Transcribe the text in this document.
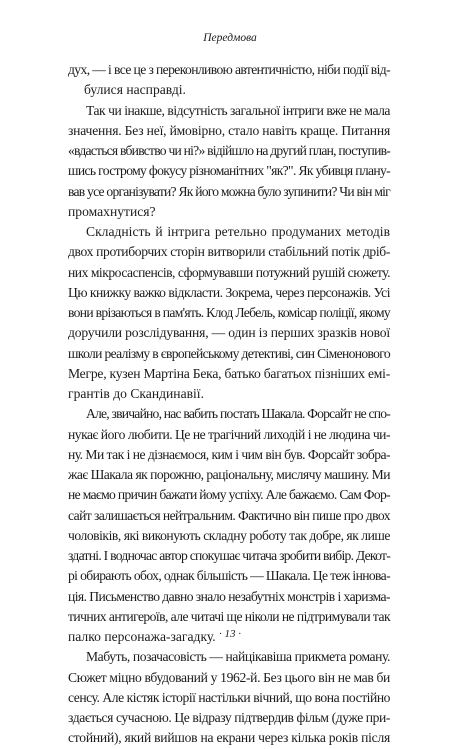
Передмова
дух, — і все це з переконливою автентичністю, ніби події від-
булися насправді.
Так чи інакше, відсутність загальної інтриги вже не мала
значення. Без неї, ймовірно, стало навіть краще. Питання
«вдасться вбивство чи ні?» відійшло на другий план, поступив-
шись гострому фокусу різноманітних "як?". Як убивця плану-
вав усе організувати? Як його можна було зупинити? Чи він міг
промахнутися?
Складність й інтрига ретельно продуманих методів
двох протиборчих сторін витворили стабільний потік дріб-
них мікросаспенсів, сформувавши потужний рушій сюжету.
Цю книжку важко відкласти. Зокрема, через персонажів. Усі
вони врізаються в пам'ять. Клод Лебель, комісар поліції, якому
доручили розслідування, — один із перших зразків нової
школи реалізму в європейському детективі, син Сіменонового
Мегре, кузен Мартіна Бека, батько багатьох пізніших емі-
грантів до Скандинавії.
Але, звичайно, нас вабить постать Шакала. Форсайт не спо-
нукає його любити. Це не трагічний лиходій і не людина чи-
ну. Ми так і не дізнаємося, ким і чим він був. Форсайт зобра-
жає Шакала як порожню, раціональну, мислячу машину. Ми
не маємо причин бажати йому успіху. Але бажаємо. Сам Фор-
сайт залишається нейтральним. Фактично він пише про двох
чоловіків, які виконують складну роботу так добре, як лише
здатні. І водночас автор спокушає читача зробити вибір. Декот-
рі обирають обох, однак більшість — Шакала. Це теж іннова-
ція. Письменство давно знало незабутніх монстрів і харизма-
тичних антигероїв, але читачі ще ніколи не підтримували так
палко персонажа-загадку.
Мабуть, позачасовість — найцікавіша прикмета роману.
Сюжет міцно вбудований у 1962-й. Без цього він не мав би
сенсу. Але кістяк історії настільки вічний, що вона постійно
здається сучасною. Це відразу підтвердив фільм (дуже при-
стойний), який вийшов на екрани через кілька років після
· 13 ·
